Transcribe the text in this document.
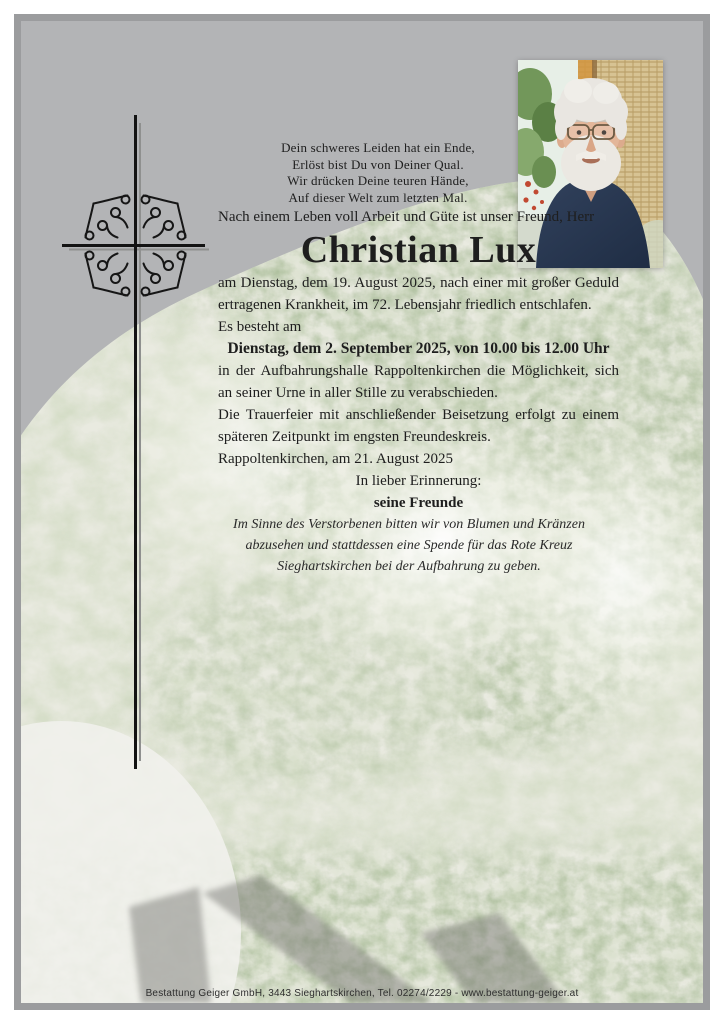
Dein schweres Leiden hat ein Ende,
Erlöst bist Du von Deiner Qual.
Wir drücken Deine teuren Hände,
Auf dieser Welt zum letzten Mal.

Nach einem Leben voll Arbeit und Güte ist unser Freund, Herr

Christian Lux

am Dienstag, dem 19. August 2025, nach einer mit großer Geduld ertragenen Krankheit, im 72. Lebensjahr friedlich entschlafen.

Es besteht am

Dienstag, dem 2. September 2025, von 10.00 bis 12.00 Uhr

in der Aufbahrungshalle Rappoltenkirchen die Möglichkeit, sich an seiner Urne in aller Stille zu verabschieden.

Die Trauerfeier mit anschließender Beisetzung erfolgt zu einem späteren Zeitpunkt im engsten Freundeskreis.

Rappoltenkirchen, am 21. August 2025

In lieber Erinnerung:

seine Freunde

Im Sinne des Verstorbenen bitten wir von Blumen und Kränzen abzusehen und stattdessen eine Spende für das Rote Kreuz Sieghartskirchen bei der Aufbahrung zu geben.

Bestattung Geiger GmbH, 3443 Sieghartskirchen, Tel. 02274/2229 - www.bestattung-geiger.at
